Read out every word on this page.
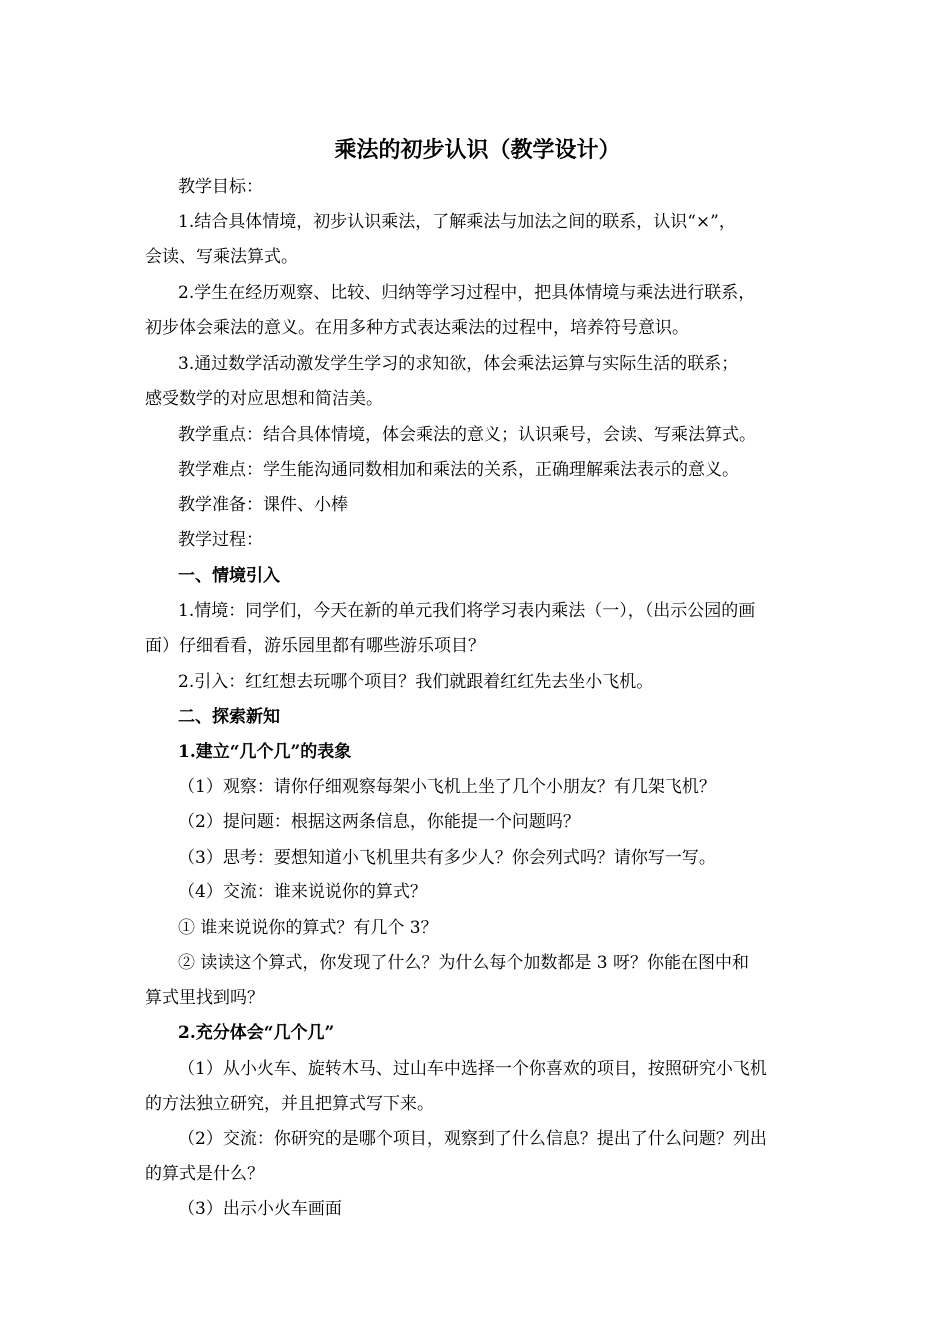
乘法的初步认识（教学设计）
教学目标：
1.结合具体情境，初步认识乘法，了解乘法与加法之间的联系，认识“×”，
会读、写乘法算式。
2.学生在经历观察、比较、归纳等学习过程中，把具体情境与乘法进行联系，
初步体会乘法的意义。在用多种方式表达乘法的过程中，培养符号意识。
3.通过数学活动激发学生学习的求知欲，体会乘法运算与实际生活的联系；
感受数学的对应思想和简洁美。
教学重点：结合具体情境，体会乘法的意义；认识乘号，会读、写乘法算式。
教学难点：学生能沟通同数相加和乘法的关系，正确理解乘法表示的意义。
教学准备：课件、小棒
教学过程：
一、情境引入
1.情境：同学们，今天在新的单元我们将学习表内乘法（一），（出示公园的画
面）仔细看看，游乐园里都有哪些游乐项目？
2.引入：红红想去玩哪个项目？我们就跟着红红先去坐小飞机。
二、探索新知
1.建立“几个几”的表象
（1）观察：请你仔细观察每架小飞机上坐了几个小朋友？有几架飞机？
（2）提问题：根据这两条信息，你能提一个问题吗？
（3）思考：要想知道小飞机里共有多少人？你会列式吗？请你写一写。
（4）交流：谁来说说你的算式？
① 谁来说说你的算式？有几个 3？
② 读读这个算式，你发现了什么？为什么每个加数都是 3 呀？你能在图中和
算式里找到吗？
2.充分体会“几个几”
（1）从小火车、旋转木马、过山车中选择一个你喜欢的项目，按照研究小飞机
的方法独立研究，并且把算式写下来。
（2）交流：你研究的是哪个项目，观察到了什么信息？提出了什么问题？列出
的算式是什么？
（3）出示小火车画面
